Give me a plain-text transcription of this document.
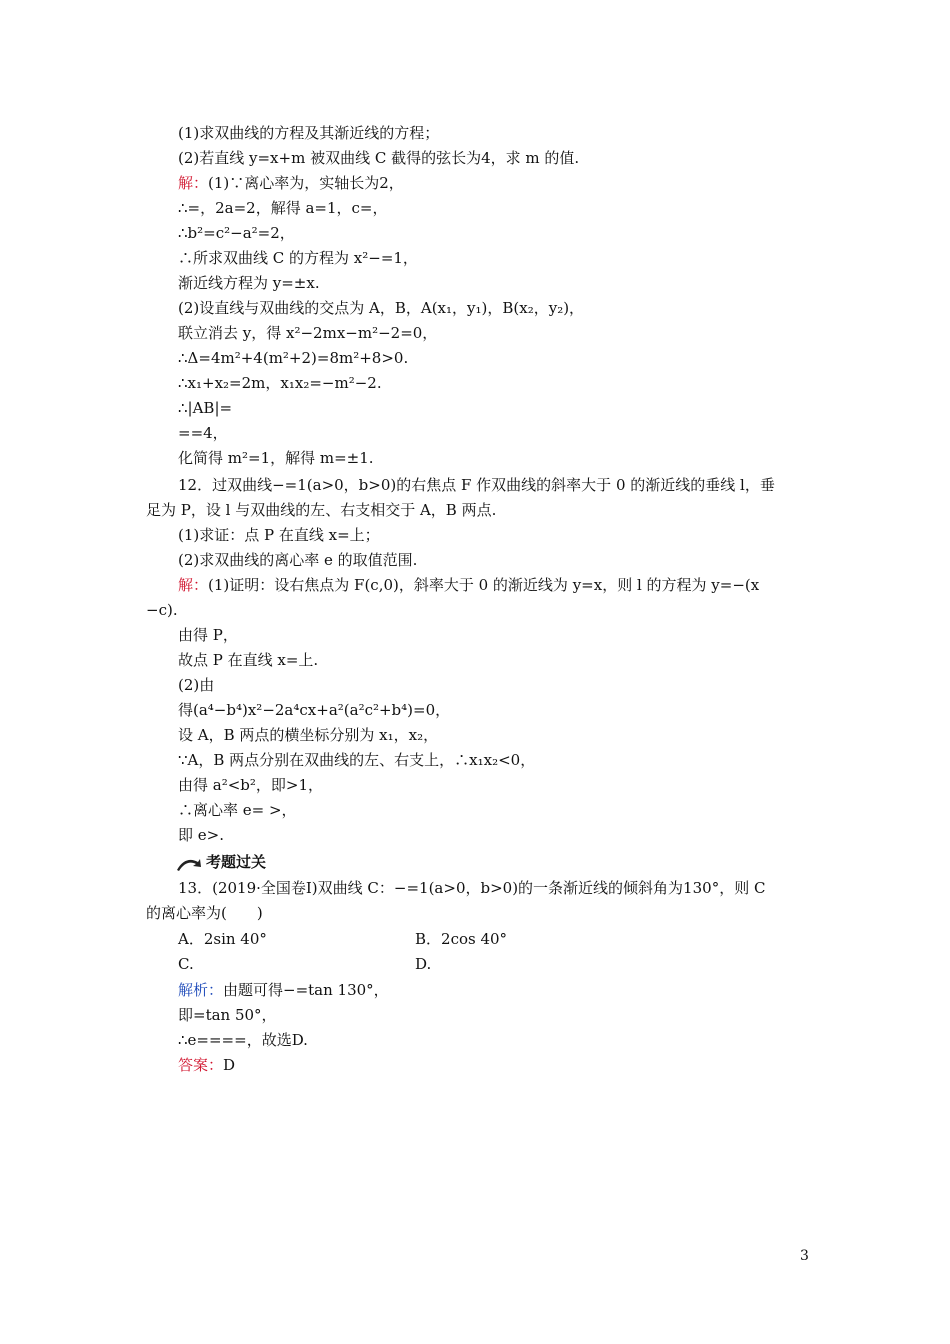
(1)求双曲线的方程及其渐近线的方程；
(2)若直线 y=x+m 被双曲线 C 截得的弦长为4，求 m 的值.
解：(1)∵离心率为，实轴长为2，
∴=，2a=2，解得 a=1，c=，
∴b²=c²−a²=2，
∴所求双曲线 C 的方程为 x²−=1，
渐近线方程为 y=±x.
(2)设直线与双曲线的交点为 A，B，A(x₁，y₁)，B(x₂，y₂)，
联立消去 y，得 x²−2mx−m²−2=0，
∴Δ=4m²+4(m²+2)=8m²+8>0.
∴x₁+x₂=2m，x₁x₂=−m²−2.
∴|AB|=
==4，
化简得 m²=1，解得 m=±1.
12．过双曲线−=1(a>0，b>0)的右焦点 F 作双曲线的斜率大于 0 的渐近线的垂线 l，垂
足为 P，设 l 与双曲线的左、右支相交于 A，B 两点.
(1)求证：点 P 在直线 x=上；
(2)求双曲线的离心率 e 的取值范围.
解：(1)证明：设右焦点为 F(c,0)，斜率大于 0 的渐近线为 y=x，则 l 的方程为 y=−(x
−c).
由得 P，
故点 P 在直线 x=上.
(2)由
得(a⁴−b⁴)x²−2a⁴cx+a²(a²c²+b⁴)=0，
设 A，B 两点的横坐标分别为 x₁，x₂，
∵A，B 两点分别在双曲线的左、右支上，∴x₁x₂<0，
由得 a²<b²，即>1，
∴离心率 e= >，
即 e>.
考题过关
13．(2019·全国卷Ⅰ)双曲线 C：−=1(a>0，b>0)的一条渐近线的倾斜角为130°，则 C
的离心率为(　　)
A．2sin 40°	B．2cos 40°
C.	D.
解析：由题可得−=tan 130°，
即=tan 50°，
∴e====，故选D.
答案：D
3
